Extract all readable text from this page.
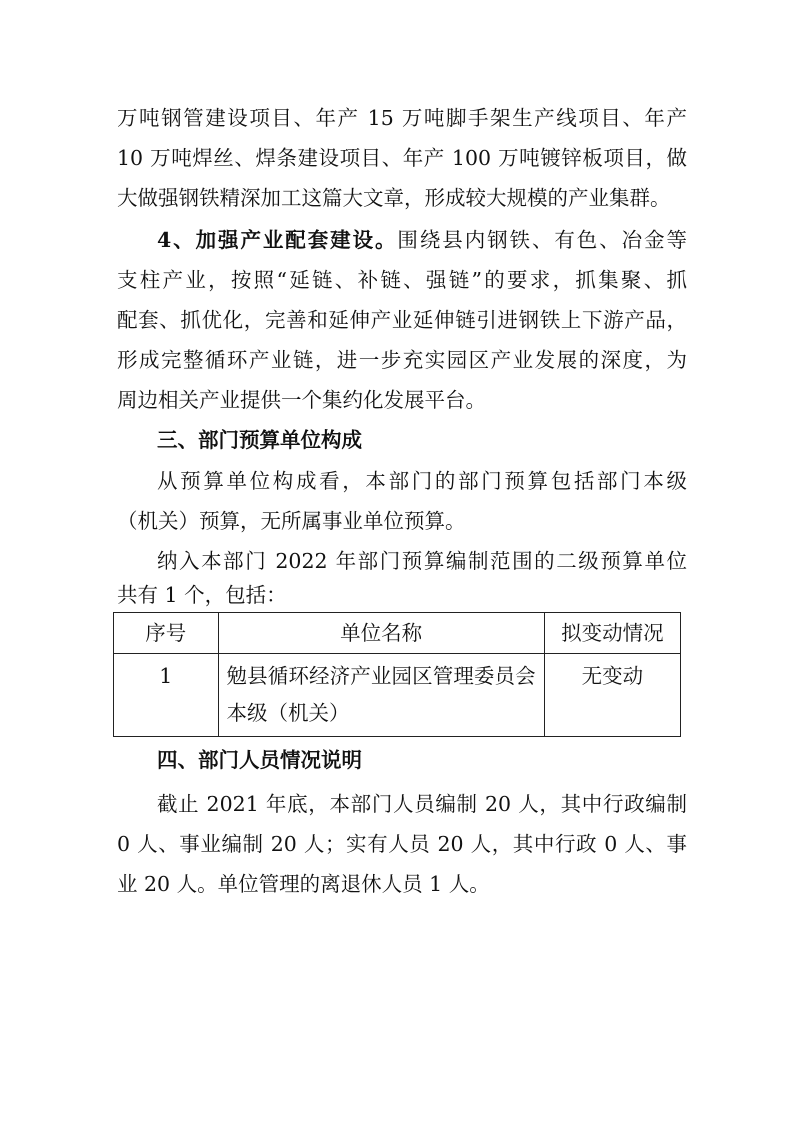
万吨钢管建设项目、年产 15 万吨脚手架生产线项目、年产
10 万吨焊丝、焊条建设项目、年产 100 万吨镀锌板项目，做
大做强钢铁精深加工这篇大文章，形成较大规模的产业集群。
4、加强产业配套建设。围绕县内钢铁、有色、冶金等
支柱产业，按照“延链、补链、强链”的要求，抓集聚、抓
配套、抓优化，完善和延伸产业延伸链引进钢铁上下游产品，
形成完整循环产业链，进一步充实园区产业发展的深度，为
周边相关产业提供一个集约化发展平台。
三、部门预算单位构成
从预算单位构成看，本部门的部门预算包括部门本级
（机关）预算，无所属事业单位预算。
纳入本部门 2022 年部门预算编制范围的二级预算单位
共有 1 个，包括：
序号	单位名称	拟变动情况
1	勉县循环经济产业园区管理委员会本级（机关）	无变动
四、部门人员情况说明
截止 2021 年底，本部门人员编制 20 人，其中行政编制
0 人、事业编制 20 人；实有人员 20 人，其中行政 0 人、事
业 20 人。单位管理的离退休人员 1 人。
